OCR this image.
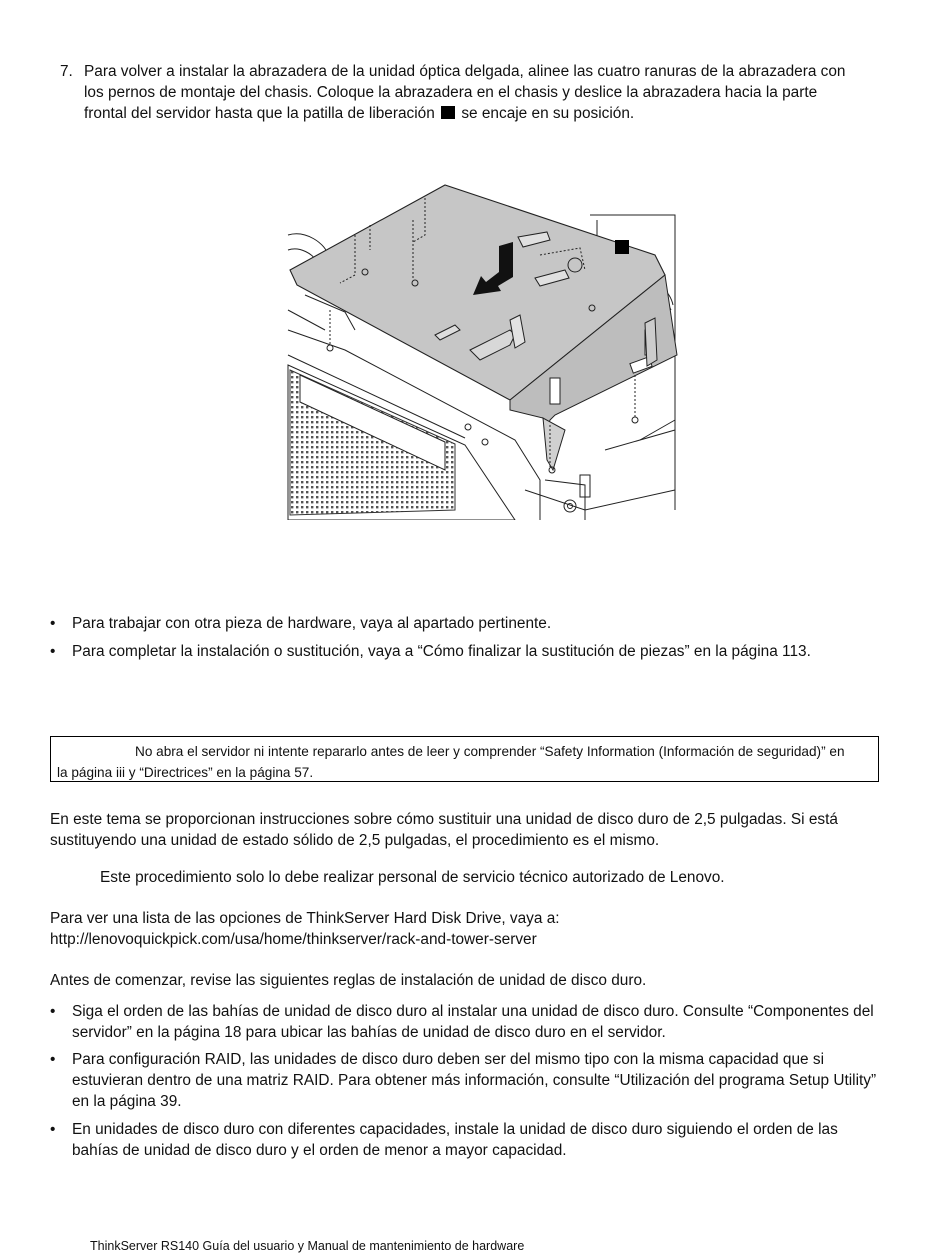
7. Para volver a instalar la abrazadera de la unidad óptica delgada, alinee las cuatro ranuras de la abrazadera con los pernos de montaje del chasis. Coloque la abrazadera en el chasis y deslice la abrazadera hacia la parte frontal del servidor hasta que la patilla de liberación se encaje en su posición.
• Para trabajar con otra pieza de hardware, vaya al apartado pertinente.
• Para completar la instalación o sustitución, vaya a “Cómo finalizar la sustitución de piezas” en la página 113.
No abra el servidor ni intente repararlo antes de leer y comprender “Safety Information (Información de seguridad)” en la página iii y “Directrices” en la página 57.

En este tema se proporcionan instrucciones sobre cómo sustituir una unidad de disco duro de 2,5 pulgadas. Si está sustituyendo una unidad de estado sólido de 2,5 pulgadas, el procedimiento es el mismo.

Este procedimiento solo lo debe realizar personal de servicio técnico autorizado de Lenovo.

Para ver una lista de las opciones de ThinkServer Hard Disk Drive, vaya a:

http://lenovoquickpick.com/usa/home/thinkserver/rack-and-tower-server

Antes de comenzar, revise las siguientes reglas de instalación de unidad de disco duro.

• Siga el orden de las bahías de unidad de disco duro al instalar una unidad de disco duro. Consulte “Componentes del servidor” en la página 18 para ubicar las bahías de unidad de disco duro en el servidor.
• Para configuración RAID, las unidades de disco duro deben ser del mismo tipo con la misma capacidad que si estuvieran dentro de una matriz RAID. Para obtener más información, consulte “Utilización del programa Setup Utility” en la página 39.
• En unidades de disco duro con diferentes capacidades, instale la unidad de disco duro siguiendo el orden de las bahías de unidad de disco duro y el orden de menor a mayor capacidad.
ThinkServer RS140 Guía del usuario y Manual de mantenimiento de hardware
